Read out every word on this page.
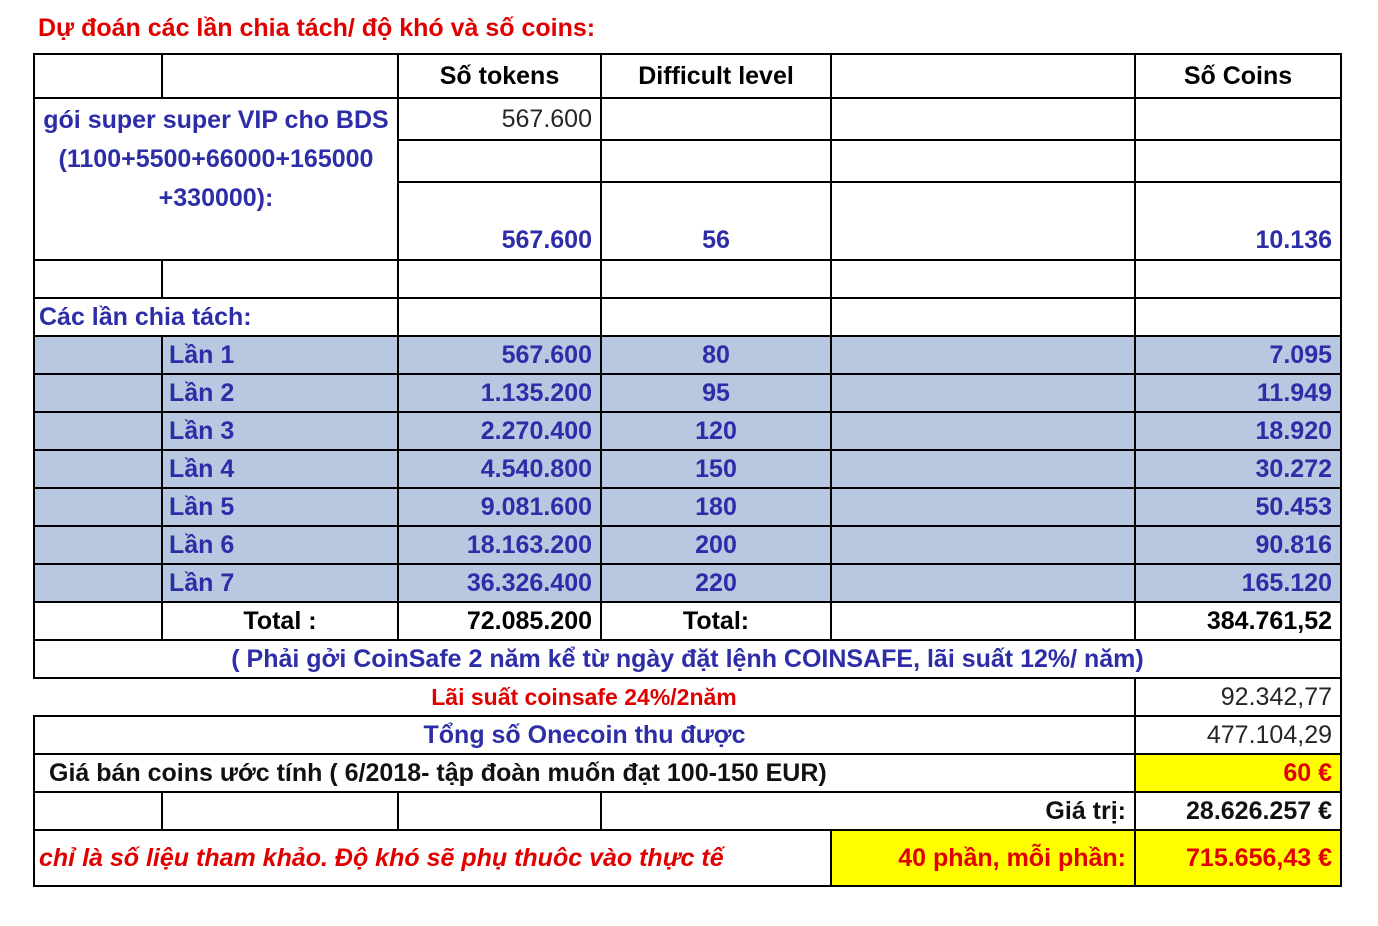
Dự đoán các lần chia tách/ độ khó và số coins:
		Số tokens	Difficult level		Số Coins

gói super super VIP cho BDS
(1100+5500+66000+165000
+330000):		567.600			

		567.600	56		10.136

Các lần chia tách:					
	Lần 1	567.600	80		7.095
	Lần 2	1.135.200	95		11.949
	Lần 3	2.270.400	120		18.920
	Lần 4	4.540.800	150		30.272
	Lần 5	9.081.600	180		50.453
	Lần 6	18.163.200	200		90.816
	Lần 7	36.326.400	220		165.120
	Total :	72.085.200	Total:		384.761,52
( Phải gởi CoinSafe 2 năm kể từ ngày đặt lệnh COINSAFE, lãi suất 12%/ năm)					
Lãi suất coinsafe 24%/2năm					92.342,77
Tổng số Onecoin thu được					477.104,29
Giá bán coins ước tính ( 6/2018- tập đoàn muốn đạt 100-150 EUR)					60 €
			Giá trị:		28.626.257 €
chỉ là số liệu tham khảo. Độ khó sẽ phụ thuôc vào thực tế				40 phần, mỗi phần:	715.656,43 €
